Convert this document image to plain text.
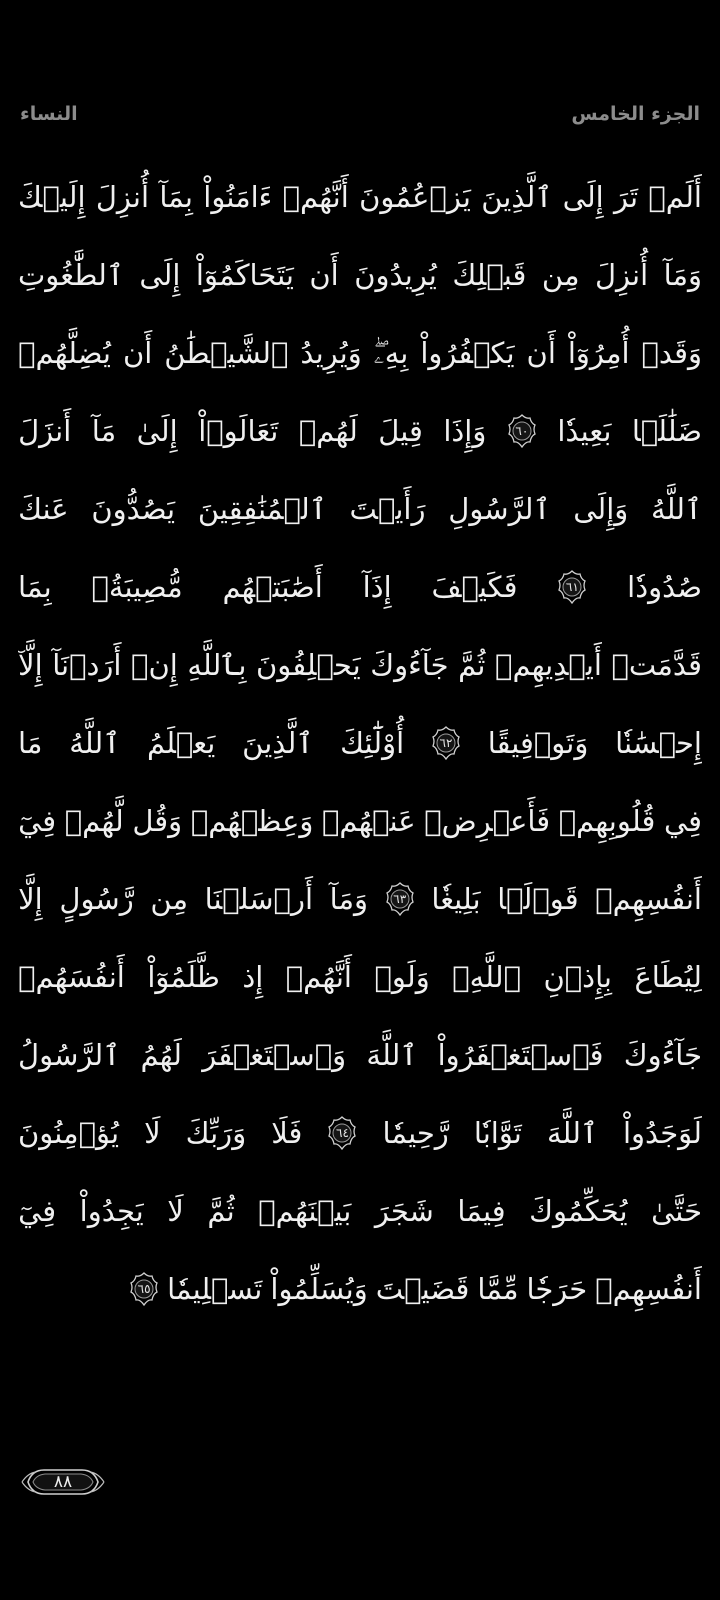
الجزء الخامس
النساء
أَلَمۡ
تَرَ
إِلَى
ٱلَّذِينَ
يَزۡعُمُونَ
أَنَّهُمۡ
ءَامَنُواْ
بِمَآ
أُنزِلَ
إِلَيۡكَ
وَمَآ
أُنزِلَ
مِن
قَبۡلِكَ
يُرِيدُونَ
أَن
يَتَحَاكَمُوٓاْ
إِلَى
ٱلطَّٰغُوتِ
وَقَدۡ
أُمِرُوٓاْ
أَن
يَكۡفُرُواْ
بِهِۦۖ
وَيُرِيدُ
ٱلشَّيۡطَٰنُ
أَن
يُضِلَّهُمۡ
ضَلَٰلَۢا
بَعِيدٗا
٦٠
وَإِذَا
قِيلَ
لَهُمۡ
تَعَالَوۡاْ
إِلَىٰ
مَآ
أَنزَلَ
ٱللَّهُ
وَإِلَى
ٱلرَّسُولِ
رَأَيۡتَ
ٱلۡمُنَٰفِقِينَ
يَصُدُّونَ
عَنكَ
صُدُودٗا
٦١
فَكَيۡفَ
إِذَآ
أَصَٰبَتۡهُم
مُّصِيبَةُۢ
بِمَا
قَدَّمَتۡ
أَيۡدِيهِمۡ
ثُمَّ
جَآءُوكَ
يَحۡلِفُونَ
بِٱللَّهِ
إِنۡ
أَرَدۡنَآ
إِلَّآ
إِحۡسَٰنٗا
وَتَوۡفِيقًا
٦٢
أُوْلَٰٓئِكَ
ٱلَّذِينَ
يَعۡلَمُ
ٱللَّهُ
مَا
فِي
قُلُوبِهِمۡ
فَأَعۡرِضۡ
عَنۡهُمۡ
وَعِظۡهُمۡ
وَقُل
لَّهُمۡ
فِيٓ
أَنفُسِهِمۡ
قَوۡلَۢا
بَلِيغٗا
٦٣
وَمَآ
أَرۡسَلۡنَا
مِن
رَّسُولٍ
إِلَّا
لِيُطَاعَ
بِإِذۡنِ
ٱللَّهِۚ
وَلَوۡ
أَنَّهُمۡ
إِذ
ظَّلَمُوٓاْ
أَنفُسَهُمۡ
جَآءُوكَ
فَٱسۡتَغۡفَرُواْ
ٱللَّهَ
وَٱسۡتَغۡفَرَ
لَهُمُ
ٱلرَّسُولُ
لَوَجَدُواْ
ٱللَّهَ
تَوَّابٗا
رَّحِيمٗا
٦٤
فَلَا
وَرَبِّكَ
لَا
يُؤۡمِنُونَ
حَتَّىٰ
يُحَكِّمُوكَ
فِيمَا
شَجَرَ
بَيۡنَهُمۡ
ثُمَّ
لَا
يَجِدُواْ
فِيٓ
أَنفُسِهِمۡ
حَرَجٗا
مِّمَّا
قَضَيۡتَ
وَيُسَلِّمُواْ
تَسۡلِيمٗا
٦٥
٨٨
